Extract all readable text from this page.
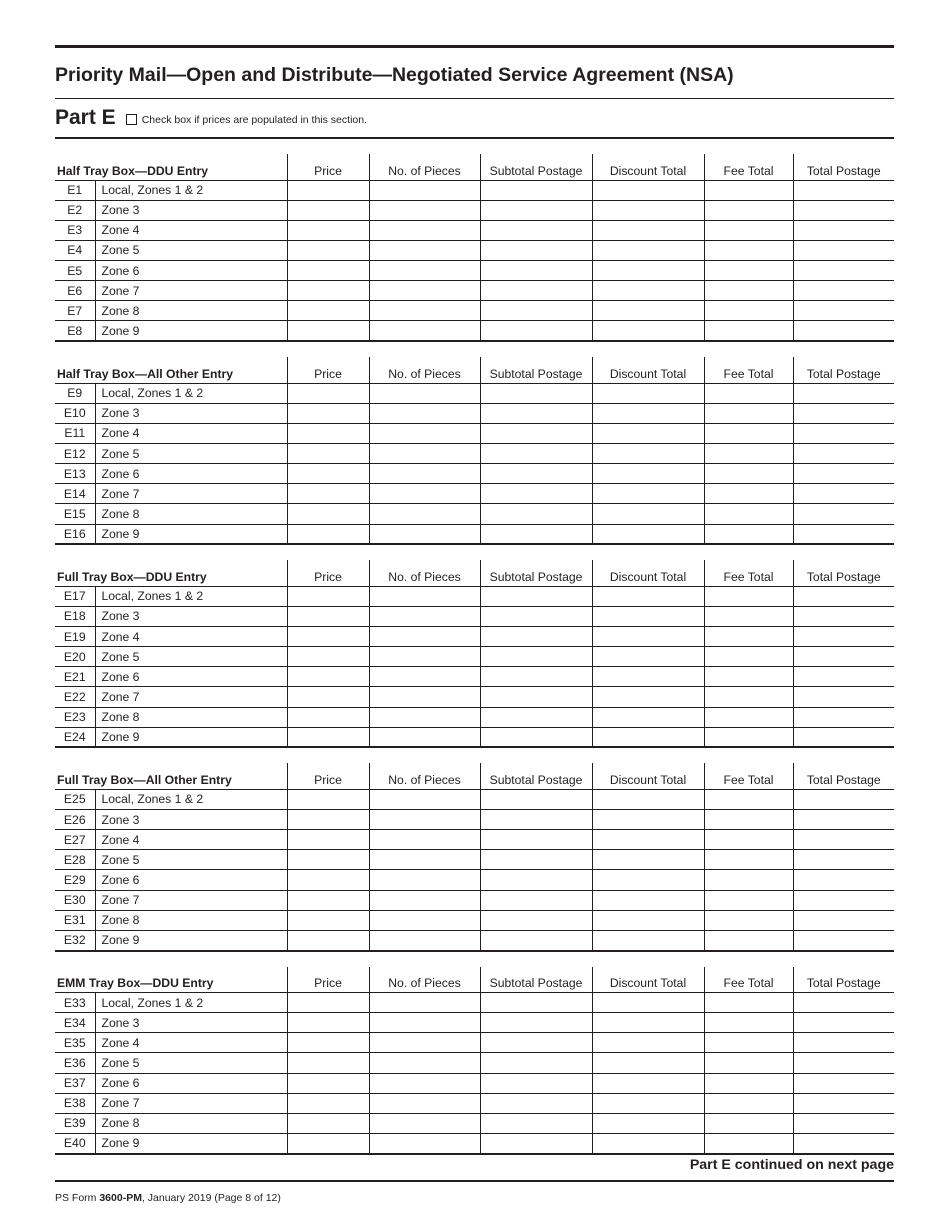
Priority Mail—Open and Distribute—Negotiated Service Agreement (NSA)
Part E Check box if prices are populated in this section.
Half Tray Box—DDU Entry		Price	No. of Pieces	Subtotal Postage	Discount Total	Fee Total	Total Postage
E1	Local, Zones 1 & 2						
E2	Zone 3						
E3	Zone 4						
E4	Zone 5						
E5	Zone 6						
E6	Zone 7						
E7	Zone 8						
E8	Zone 9						
Half Tray Box—All Other Entry		Price	No. of Pieces	Subtotal Postage	Discount Total	Fee Total	Total Postage
E9	Local, Zones 1 & 2						
E10	Zone 3						
E11	Zone 4						
E12	Zone 5						
E13	Zone 6						
E14	Zone 7						
E15	Zone 8						
E16	Zone 9						
Full Tray Box—DDU Entry		Price	No. of Pieces	Subtotal Postage	Discount Total	Fee Total	Total Postage
E17	Local, Zones 1 & 2						
E18	Zone 3						
E19	Zone 4						
E20	Zone 5						
E21	Zone 6						
E22	Zone 7						
E23	Zone 8						
E24	Zone 9						
Full Tray Box—All Other Entry		Price	No. of Pieces	Subtotal Postage	Discount Total	Fee Total	Total Postage
E25	Local, Zones 1 & 2						
E26	Zone 3						
E27	Zone 4						
E28	Zone 5						
E29	Zone 6						
E30	Zone 7						
E31	Zone 8						
E32	Zone 9						
EMM Tray Box—DDU Entry		Price	No. of Pieces	Subtotal Postage	Discount Total	Fee Total	Total Postage
E33	Local, Zones 1 & 2						
E34	Zone 3						
E35	Zone 4						
E36	Zone 5						
E37	Zone 6						
E38	Zone 7						
E39	Zone 8						
E40	Zone 9						
Part E continued on next page
PS Form 3600-PM, January 2019 (Page 8 of 12)
